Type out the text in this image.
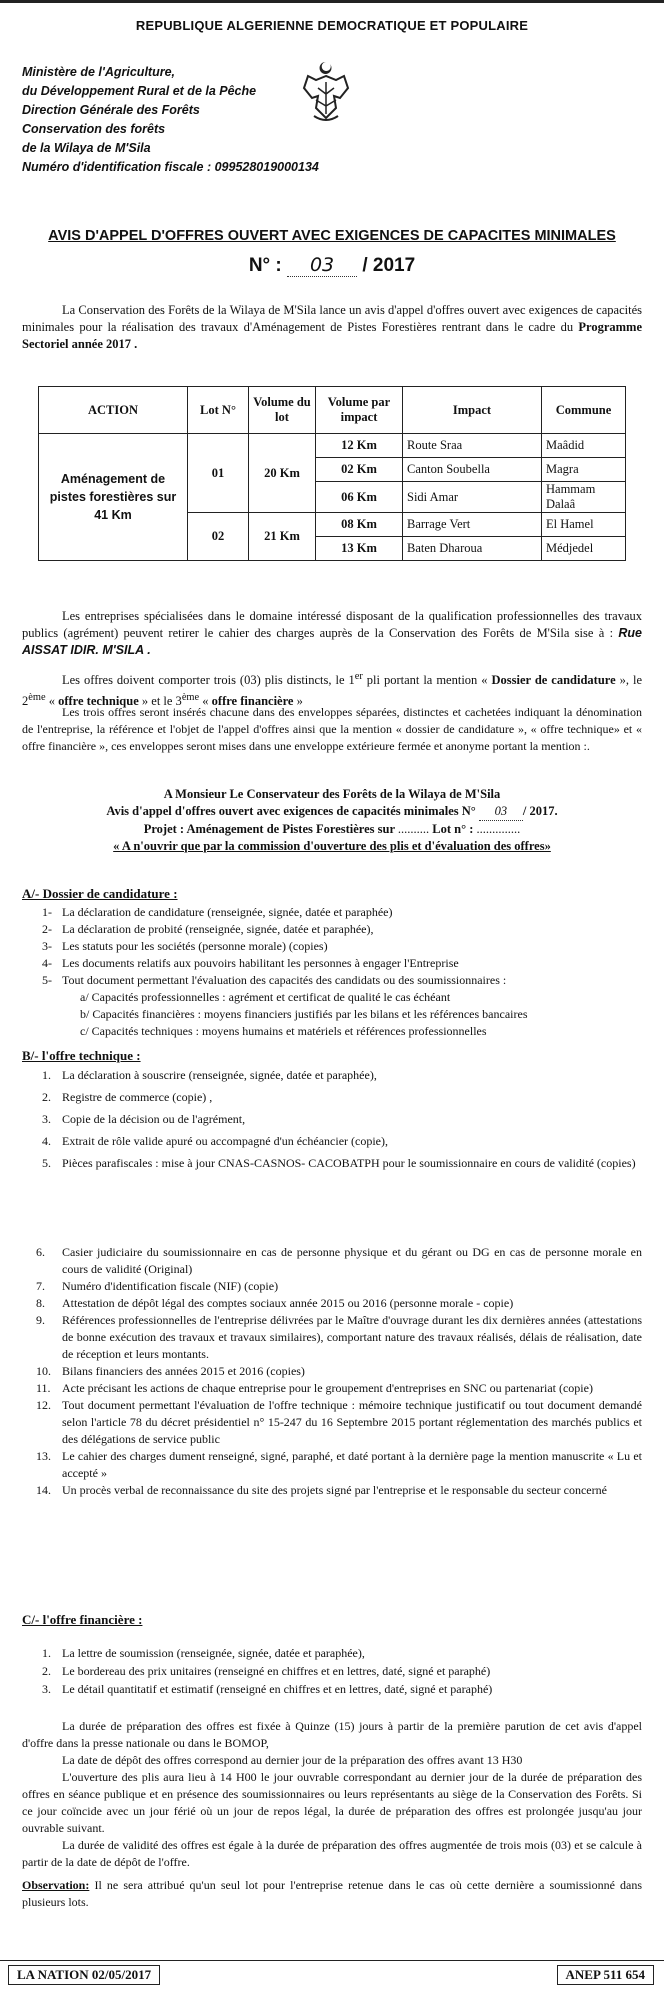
REPUBLIQUE ALGERIENNE DEMOCRATIQUE ET POPULAIRE
Ministère de l'Agriculture,
du Développement Rural et de la Pêche
Direction Générale des Forêts
Conservation des forêts
de la Wilaya de M'Sila
Numéro d'identification fiscale : 099528019000134
AVIS D'APPEL D'OFFRES OUVERT AVEC EXIGENCES DE CAPACITES MINIMALES
N° : 03 / 2017
La Conservation des Forêts de la Wilaya de M'Sila lance un avis d'appel d'offres ouvert avec exigences de capacités minimales pour la réalisation des travaux d'Aménagement de Pistes Forestières rentrant dans le cadre du Programme Sectoriel année 2017 .
ACTION	Lot N°	Volume du lot	Volume par impact	Impact	Commune
Aménagement de pistes forestières sur 41 Km	01	20 Km	12 Km	Route Sraa	Maâdid
			02 Km	Canton Soubella	Magra
			06 Km	Sidi Amar	Hammam Dalaâ
	02	21 Km	08 Km	Barrage Vert	El Hamel
			13 Km	Baten Dharoua	Médjedel
Les entreprises spécialisées dans le domaine intéressé disposant de la qualification professionnelles des travaux publics (agrément) peuvent retirer le cahier des charges auprès de la Conservation des Forêts de M'Sila sise à : Rue AISSAT IDIR. M'SILA .
Les offres doivent comporter trois (03) plis distincts, le 1er pli portant la mention « Dossier de candidature », le 2ème « offre technique » et le 3ème « offre financière »
Les trois offres seront insérés chacune dans des enveloppes séparées, distinctes et cachetées indiquant la dénomination de l'entreprise, la référence et l'objet de l'appel d'offres ainsi que la mention « dossier de candidature », « offre technique» et « offre financière », ces enveloppes seront mises dans une enveloppe extérieure fermée et anonyme portant la mention :.
A Monsieur Le Conservateur des Forêts de la Wilaya de M'Sila
Avis d'appel d'offres ouvert avec exigences de capacités minimales N° 03 / 2017.
Projet : Aménagement de Pistes Forestières sur .......... Lot n° : ..............
« A n'ouvrir que par la commission d'ouverture des plis et d'évaluation des offres»
A/- Dossier de candidature :
1- La déclaration de candidature (renseignée, signée, datée et paraphée)
2- La déclaration de probité (renseignée, signée, datée et paraphée),
3- Les statuts pour les sociétés (personne morale) (copies)
4- Les documents relatifs aux pouvoirs habilitant les personnes à engager l'Entreprise
5- Tout document permettant l'évaluation des capacités des candidats ou des soumissionnaires :
a/ Capacités professionnelles : agrément et certificat de qualité le cas échéant
b/ Capacités financières : moyens financiers justifiés par les bilans et les références bancaires
c/ Capacités techniques : moyens humains et matériels et références professionnelles
B/- l'offre technique :
1. La déclaration à souscrire (renseignée, signée, datée et paraphée),
2. Registre de commerce (copie) ,
3. Copie de la décision ou de l'agrément,
4. Extrait de rôle valide apuré ou accompagné d'un échéancier (copie),
5. Pièces parafiscales : mise à jour CNAS-CASNOS- CACOBATPH pour le soumissionnaire en cours de validité (copies)
6.	Casier judiciaire du soumissionnaire en cas de personne physique et du gérant ou DG en cas de personne morale en cours de validité (Original)
7.	Numéro d'identification fiscale (NIF) (copie)
8.	Attestation de dépôt légal des comptes sociaux année 2015 ou 2016 (personne morale - copie)
9.	Références professionnelles de l'entreprise délivrées par le Maître d'ouvrage durant les dix dernières années (attestations de bonne exécution des travaux et travaux similaires), comportant nature des travaux réalisés, délais de réalisation, date de réception et leurs montants.
10. Bilans financiers des années 2015 et 2016 (copies)
11. Acte précisant les actions de chaque entreprise pour le groupement d'entreprises en SNC ou partenariat (copie)
12. Tout document permettant l'évaluation de l'offre technique : mémoire technique justificatif ou tout document demandé selon l'article 78 du décret présidentiel n° 15-247 du 16 Septembre 2015 portant réglementation des marchés publics et des délégations de service public
13. Le cahier des charges dument renseigné, signé, paraphé, et daté portant à la dernière page la mention manuscrite « Lu et accepté »
14. Un procès verbal de reconnaissance du site des projets signé par l'entreprise et le responsable du secteur concerné
C/- l'offre financière :
1. La lettre de soumission (renseignée, signée, datée et paraphée),
2. Le bordereau des prix unitaires (renseigné en chiffres et en lettres, daté, signé et paraphé)
3. Le détail quantitatif et estimatif (renseigné en chiffres et en lettres, daté, signé et paraphé)
La durée de préparation des offres est fixée à Quinze (15) jours à partir de la première parution de cet avis d'appel d'offre dans la presse nationale ou dans le BOMOP,
La date de dépôt des offres correspond au dernier jour de la préparation des offres avant 13 H30
L'ouverture des plis aura lieu à 14 H00 le jour ouvrable correspondant au dernier jour de la durée de préparation des offres en séance publique et en présence des soumissionnaires ou leurs représentants au siège de la Conservation des Forêts. Si ce jour coïncide avec un jour férié où un jour de repos légal, la durée de préparation des offres est prolongée jusqu'au jour ouvrable suivant.
La durée de validité des offres est égale à la durée de préparation des offres augmentée de trois mois (03) et se calcule à partir de la date de dépôt de l'offre.
Observation: Il ne sera attribué qu'un seul lot pour l'entreprise retenue dans le cas où cette dernière a soumissionné dans plusieurs lots.
LA NATION 02/05/2017	ANEP 511 654
